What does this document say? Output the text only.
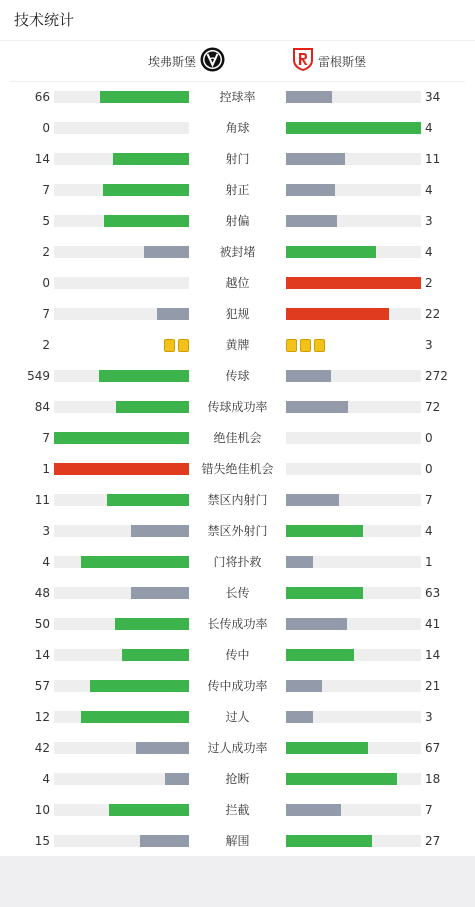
技术统计
埃弗斯堡	雷根斯堡
66	控球率	34
0	角球	4
14	射门	11
7	射正	4
5	射偏	3
2	被封堵	4
0	越位	2
7	犯规	22
2	黄牌	3
549	传球	272
84	传球成功率	72
7	绝佳机会	0
1	错失绝佳机会	0
11	禁区内射门	7
3	禁区外射门	4
4	门将扑救	1
48	长传	63
50	长传成功率	41
14	传中	14
57	传中成功率	21
12	过人	3
42	过人成功率	67
4	抢断	18
10	拦截	7
15	解围	27
